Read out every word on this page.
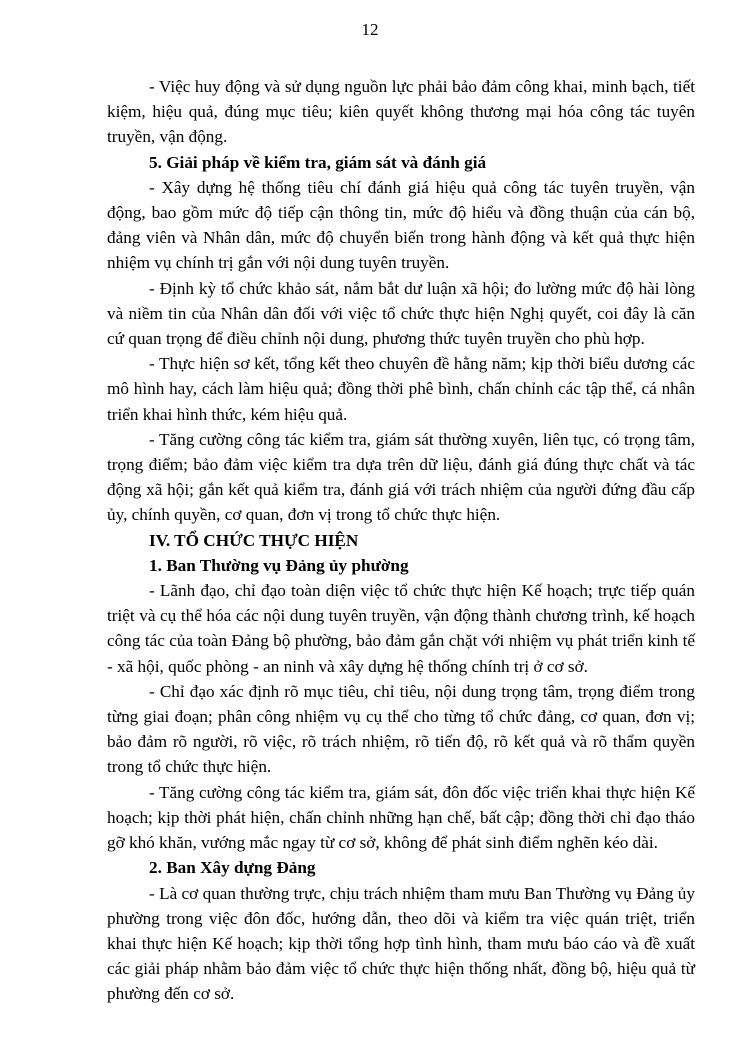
12

- Việc huy động và sử dụng nguồn lực phải bảo đảm công khai, minh bạch, tiết kiệm, hiệu quả, đúng mục tiêu; kiên quyết không thương mại hóa công tác tuyên truyền, vận động.

5. Giải pháp về kiểm tra, giám sát và đánh giá

- Xây dựng hệ thống tiêu chí đánh giá hiệu quả công tác tuyên truyền, vận động, bao gồm mức độ tiếp cận thông tin, mức độ hiểu và đồng thuận của cán bộ, đảng viên và Nhân dân, mức độ chuyển biến trong hành động và kết quả thực hiện nhiệm vụ chính trị gắn với nội dung tuyên truyền.

- Định kỳ tổ chức khảo sát, nắm bắt dư luận xã hội; đo lường mức độ hài lòng và niềm tin của Nhân dân đối với việc tổ chức thực hiện Nghị quyết, coi đây là căn cứ quan trọng để điều chỉnh nội dung, phương thức tuyên truyền cho phù hợp.

- Thực hiện sơ kết, tổng kết theo chuyên đề hằng năm; kịp thời biểu dương các mô hình hay, cách làm hiệu quả; đồng thời phê bình, chấn chỉnh các tập thể, cá nhân triển khai hình thức, kém hiệu quả.

- Tăng cường công tác kiểm tra, giám sát thường xuyên, liên tục, có trọng tâm, trọng điểm; bảo đảm việc kiểm tra dựa trên dữ liệu, đánh giá đúng thực chất và tác động xã hội; gắn kết quả kiểm tra, đánh giá với trách nhiệm của người đứng đầu cấp ủy, chính quyền, cơ quan, đơn vị trong tổ chức thực hiện.

IV. TỔ CHỨC THỰC HIỆN

1. Ban Thường vụ Đảng ủy phường

- Lãnh đạo, chỉ đạo toàn diện việc tổ chức thực hiện Kế hoạch; trực tiếp quán triệt và cụ thể hóa các nội dung tuyên truyền, vận động thành chương trình, kế hoạch công tác của toàn Đảng bộ phường, bảo đảm gắn chặt với nhiệm vụ phát triển kinh tế - xã hội, quốc phòng - an ninh và xây dựng hệ thống chính trị ở cơ sở.

- Chỉ đạo xác định rõ mục tiêu, chỉ tiêu, nội dung trọng tâm, trọng điểm trong từng giai đoạn; phân công nhiệm vụ cụ thể cho từng tổ chức đảng, cơ quan, đơn vị; bảo đảm rõ người, rõ việc, rõ trách nhiệm, rõ tiến độ, rõ kết quả và rõ thẩm quyền trong tổ chức thực hiện.

- Tăng cường công tác kiểm tra, giám sát, đôn đốc việc triển khai thực hiện Kế hoạch; kịp thời phát hiện, chấn chỉnh những hạn chế, bất cập; đồng thời chỉ đạo tháo gỡ khó khăn, vướng mắc ngay từ cơ sở, không để phát sinh điểm nghẽn kéo dài.

2. Ban Xây dựng Đảng

- Là cơ quan thường trực, chịu trách nhiệm tham mưu Ban Thường vụ Đảng ủy phường trong việc đôn đốc, hướng dẫn, theo dõi và kiểm tra việc quán triệt, triển khai thực hiện Kế hoạch; kịp thời tổng hợp tình hình, tham mưu báo cáo và đề xuất các giải pháp nhằm bảo đảm việc tổ chức thực hiện thống nhất, đồng bộ, hiệu quả từ phường đến cơ sở.
